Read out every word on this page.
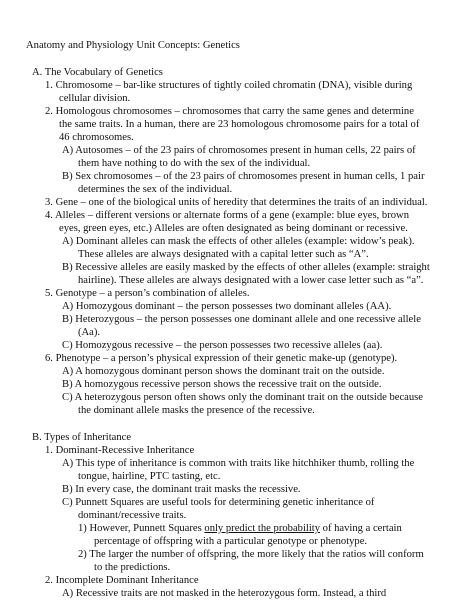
Anatomy and Physiology Unit Concepts: Genetics
A. The Vocabulary of Genetics
1. Chromosome – bar-like structures of tightly coiled chromatin (DNA), visible during
cellular division.
2. Homologous chromosomes – chromosomes that carry the same genes and determine
the same traits. In a human, there are 23 homologous chromosome pairs for a total of
46 chromosomes.
A) Autosomes – of the 23 pairs of chromosomes present in human cells, 22 pairs of
them have nothing to do with the sex of the individual.
B) Sex chromosomes – of the 23 pairs of chromosomes present in human cells, 1 pair
determines the sex of the individual.
3. Gene – one of the biological units of heredity that determines the traits of an individual.
4. Alleles – different versions or alternate forms of a gene (example: blue eyes, brown
eyes, green eyes, etc.) Alleles are often designated as being dominant or recessive.
A) Dominant alleles can mask the effects of other alleles (example: widow’s peak).
These alleles are always designated with a capital letter such as “A”.
B) Recessive alleles are easily masked by the effects of other alleles (example: straight
hairline). These alleles are always designated with a lower case letter such as “a”.
5. Genotype – a person’s combination of alleles.
A) Homozygous dominant – the person possesses two dominant alleles (AA).
B) Heterozygous – the person possesses one dominant allele and one recessive allele
(Aa).
C) Homozygous recessive – the person possesses two recessive alleles (aa).
6. Phenotype – a person’s physical expression of their genetic make-up (genotype).
A) A homozygous dominant person shows the dominant trait on the outside.
B) A homozygous recessive person shows the recessive trait on the outside.
C) A heterozygous person often shows only the dominant trait on the outside because
the dominant allele masks the presence of the recessive.
B. Types of Inheritance
1. Dominant-Recessive Inheritance
A) This type of inheritance is common with traits like hitchhiker thumb, rolling the
tongue, hairline, PTC tasting, etc.
B) In every case, the dominant trait masks the recessive.
C) Punnett Squares are useful tools for determining genetic inheritance of
dominant/recessive traits.
1) However, Punnett Squares only predict the probability of having a certain
percentage of offspring with a particular genotype or phenotype.
2) The larger the number of offspring, the more likely that the ratios will conform
to the predictions.
2. Incomplete Dominant Inheritance
A) Recessive traits are not masked in the heterozygous form. Instead, a third
